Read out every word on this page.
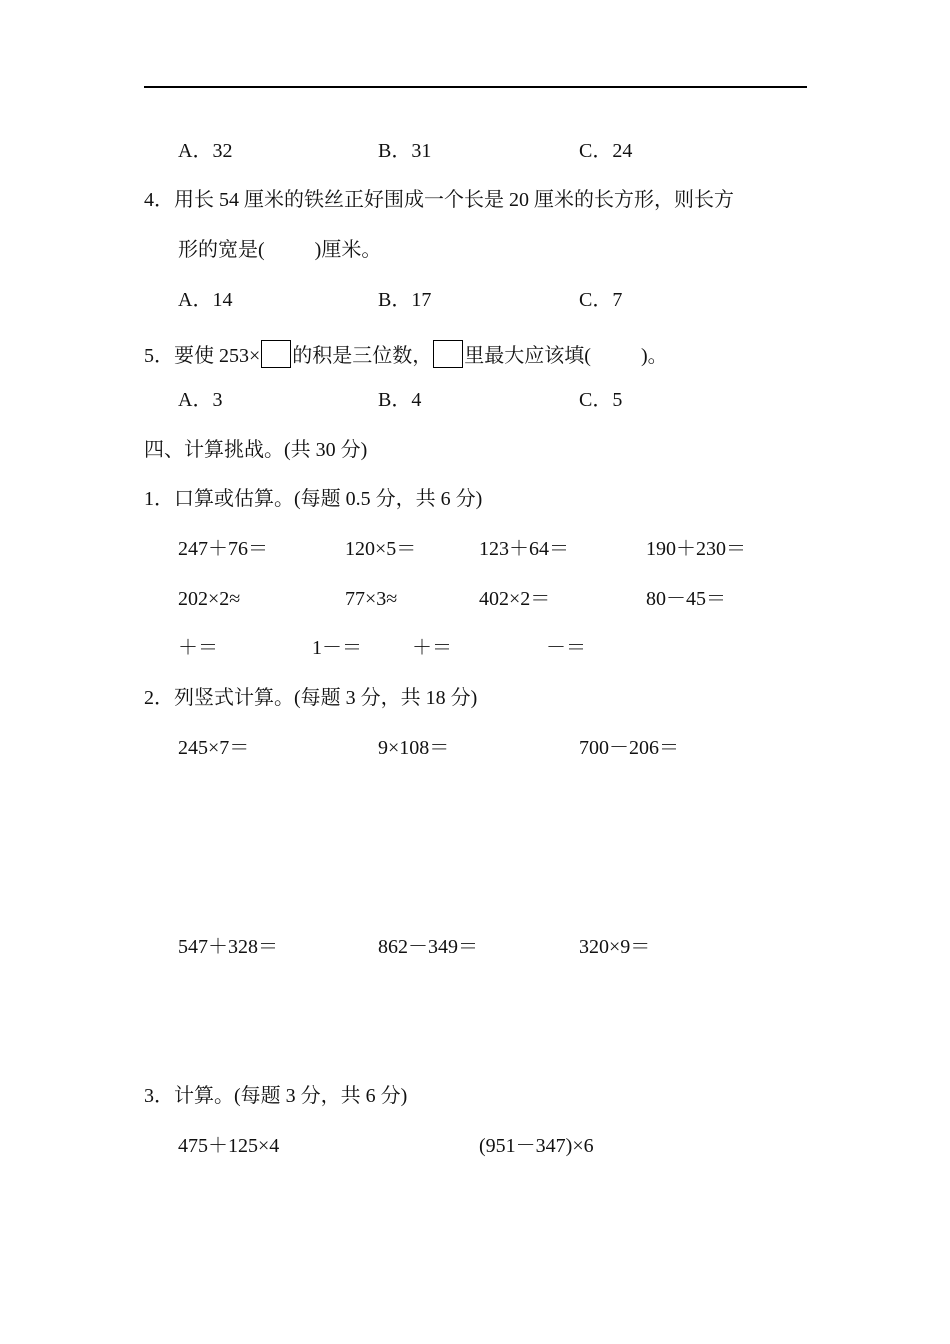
A．32	B．31	C．24
4．用长 54 厘米的铁丝正好围成一个长是 20 厘米的长方形，则长方
形的宽是(	)厘米。
A．14	B．17	C．7
5．要使 253× 的积是三位数， 里最大应该填(	)。
A．3	B．4	C．5
四、计算挑战。(共 30 分)
1．口算或估算。(每题 0.5 分，共 6 分)
247＋76＝	120×5＝	123＋64＝	190＋230＝
202×2≈	77×3≈	402×2＝	80－45＝
＋＝	1－＝	＋＝	－＝
2．列竖式计算。(每题 3 分，共 18 分)
245×7＝	9×108＝	700－206＝
547＋328＝	862－349＝	320×9＝
3．计算。(每题 3 分，共 6 分)
475＋125×4	(951－347)×6
